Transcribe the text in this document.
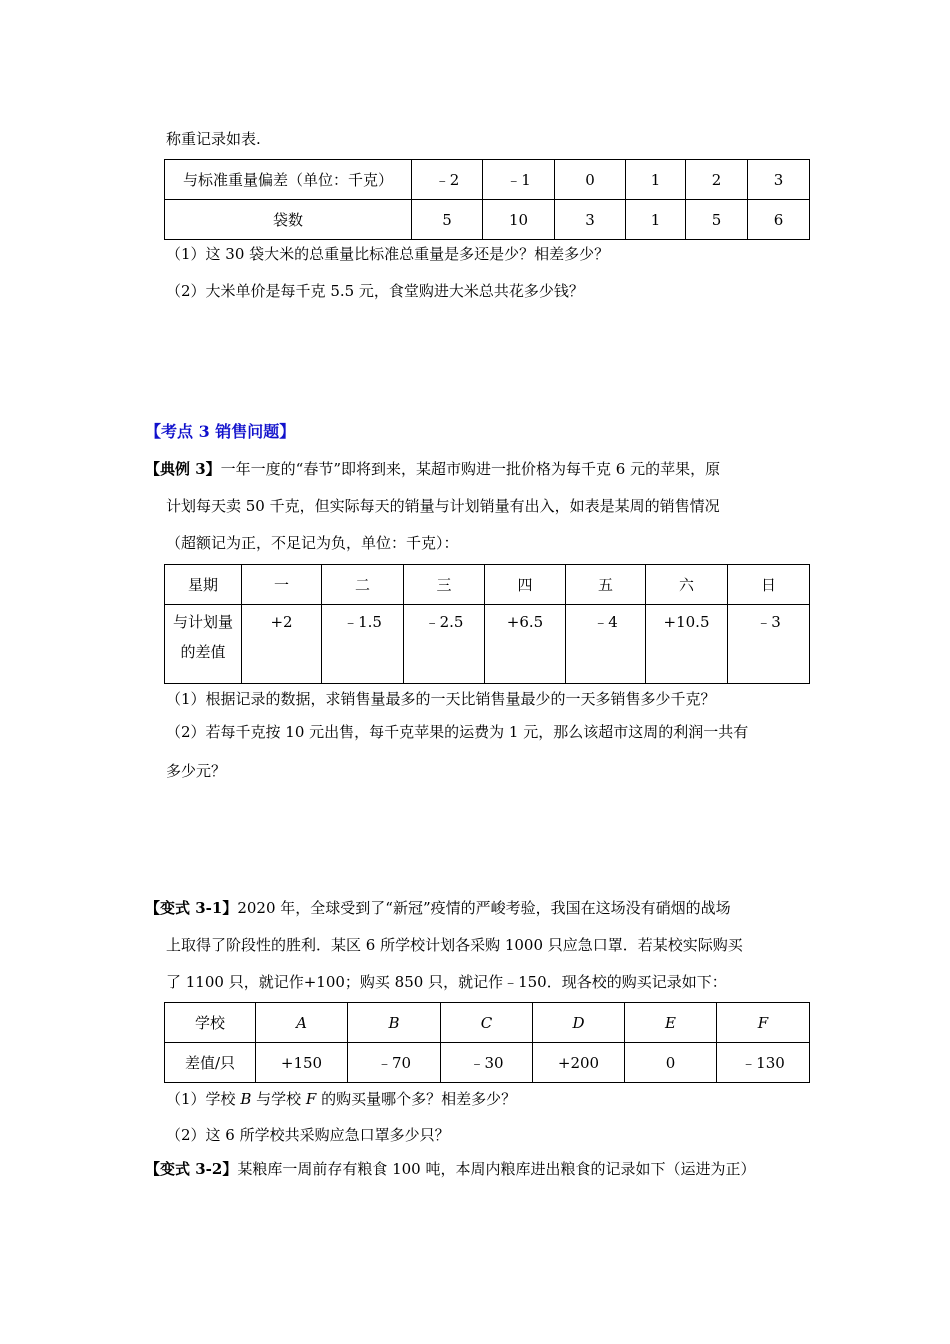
称重记录如表.
与标准重量偏差（单位：千克）	﹣2	﹣1	0	1	2	3
袋数	5	10	3	1	5	6
（1）这 30 袋大米的总重量比标准总重量是多还是少？相差多少？
（2）大米单价是每千克 5.5 元，食堂购进大米总共花多少钱？
【考点 3 销售问题】
【典例 3】一年一度的“春节”即将到来，某超市购进一批价格为每千克 6 元的苹果，原
计划每天卖 50 千克，但实际每天的销量与计划销量有出入，如表是某周的销售情况
（超额记为正，不足记为负，单位：千克）：
星期	一	二	三	四	五	六	日
与计划量
的差值	+2	﹣1.5	﹣2.5	+6.5	﹣4	+10.5	﹣3
（1）根据记录的数据，求销售量最多的一天比销售量最少的一天多销售多少千克？
（2）若每千克按 10 元出售，每千克苹果的运费为 1 元，那么该超市这周的利润一共有
多少元？
【变式 3-1】2020 年，全球受到了“新冠”疫情的严峻考验，我国在这场没有硝烟的战场
上取得了阶段性的胜利．某区 6 所学校计划各采购 1000 只应急口罩．若某校实际购买
了 1100 只，就记作+100；购买 850 只，就记作﹣150．现各校的购买记录如下：
学校	A	B	C	D	E	F
差值/只	+150	﹣70	﹣30	+200	0	﹣130
（1）学校 B 与学校 F 的购买量哪个多？相差多少？
（2）这 6 所学校共采购应急口罩多少只？
【变式 3-2】某粮库一周前存有粮食 100 吨，本周内粮库进出粮食的记录如下（运进为正）
